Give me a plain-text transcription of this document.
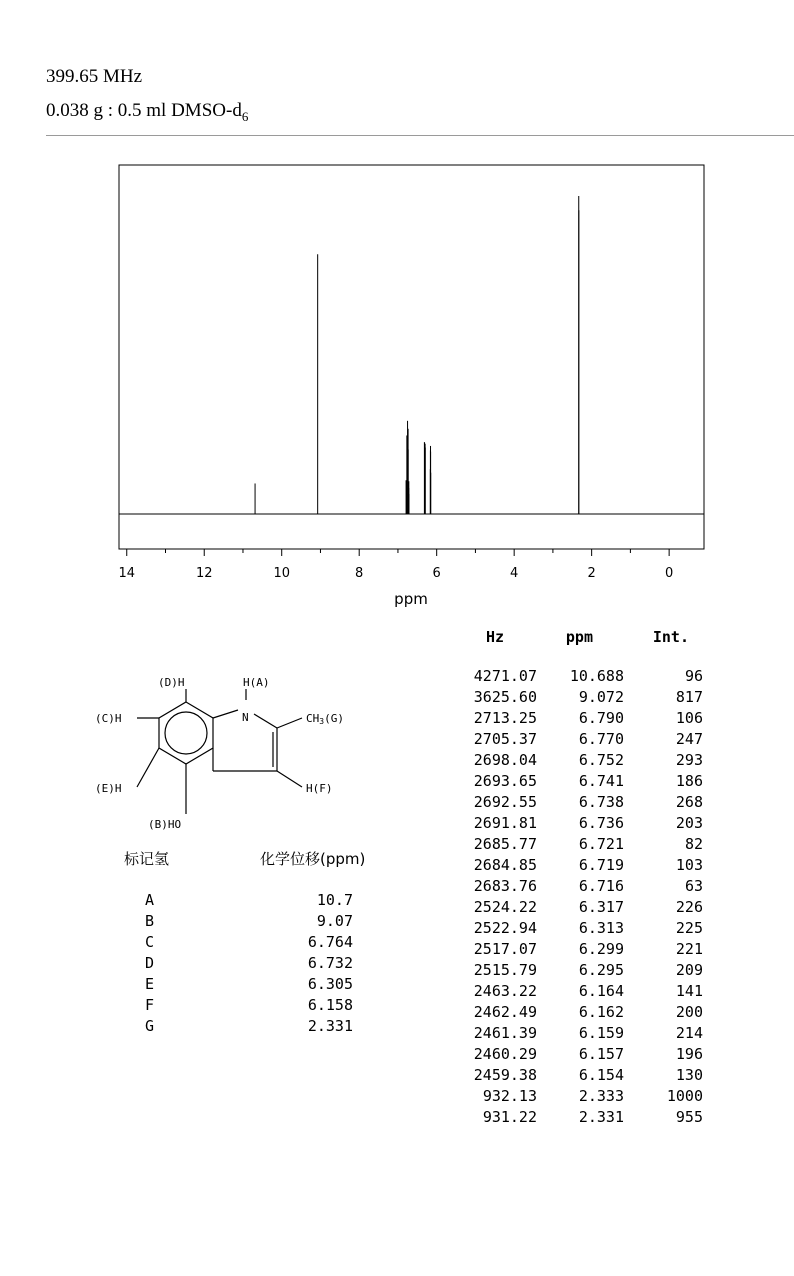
399.65 MHz
0.038 g : 0.5 ml DMSO-$d_6$
14	12	10	8	6	4	2	0
ppm
(D)H	H(A)
N
(C)H	CH3(G)
(E)H	H(F)
(B)HO
化学位移(ppm)
标记氢
A	10.7
B	9.07
C	6.764
D	6.732
E	6.305
F	6.158
G	2.331
Hz	ppm	Int.
4271.07	10.688	96
3625.60	9.072	817
2713.25	6.790	106
2705.37	6.770	247
2698.04	6.752	293
2693.65	6.741	186
2692.55	6.738	268
2691.81	6.736	203
2685.77	6.721	82
2684.85	6.719	103
2683.76	6.716	63
2524.22	6.317	226
2522.94	6.313	225
2517.07	6.299	221
2515.79	6.295	209
2463.22	6.164	141
2462.49	6.162	200
2461.39	6.159	214
2460.29	6.157	196
2459.38	6.154	130
932.13	2.333	1000
931.22	2.331	955
